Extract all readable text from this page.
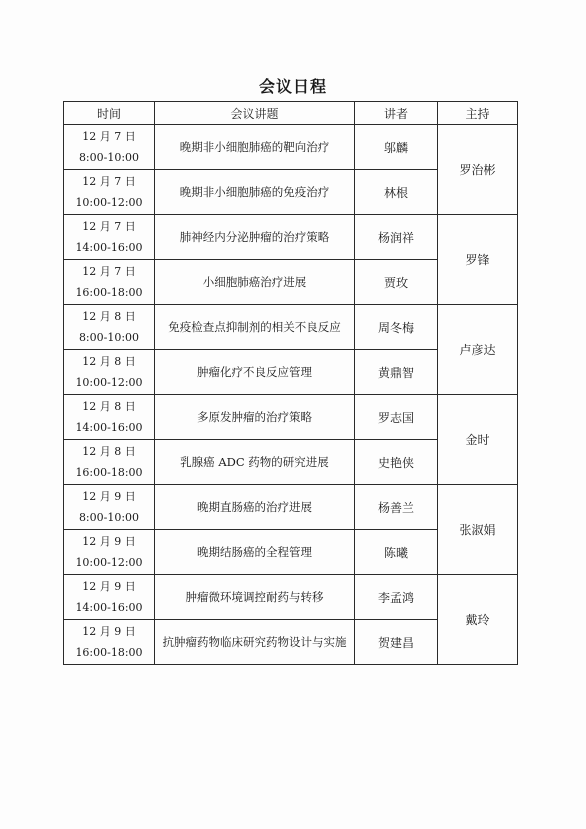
会议日程
时间	会议讲题	讲者	主持

12 月 7 日
8:00-10:00	晚期非小细胞肺癌的靶向治疗	邬麟	罗治彬

12 月 7 日
10:00-12:00	晚期非小细胞肺癌的免疫治疗	林根	

12 月 7 日
14:00-16:00	肺神经内分泌肿瘤的治疗策略	杨润祥	罗锋

12 月 7 日
16:00-18:00	小细胞肺癌治疗进展	贾玫	

12 月 8 日
8:00-10:00	免疫检查点抑制剂的相关不良反应	周冬梅	卢彦达

12 月 8 日
10:00-12:00	肿瘤化疗不良反应管理	黄鼎智	

12 月 8 日
14:00-16:00	多原发肿瘤的治疗策略	罗志国	金时

12 月 8 日
16:00-18:00	乳腺癌 ADC 药物的研究进展	史艳侠	

12 月 9 日
8:00-10:00	晚期直肠癌的治疗进展	杨善兰	张淑娟

12 月 9 日
10:00-12:00	晚期结肠癌的全程管理	陈曦	

12 月 9 日
14:00-16:00	肿瘤微环境调控耐药与转移	李孟鸿	戴玲

12 月 9 日
16:00-18:00	抗肿瘤药物临床研究药物设计与实施	贺建昌	
